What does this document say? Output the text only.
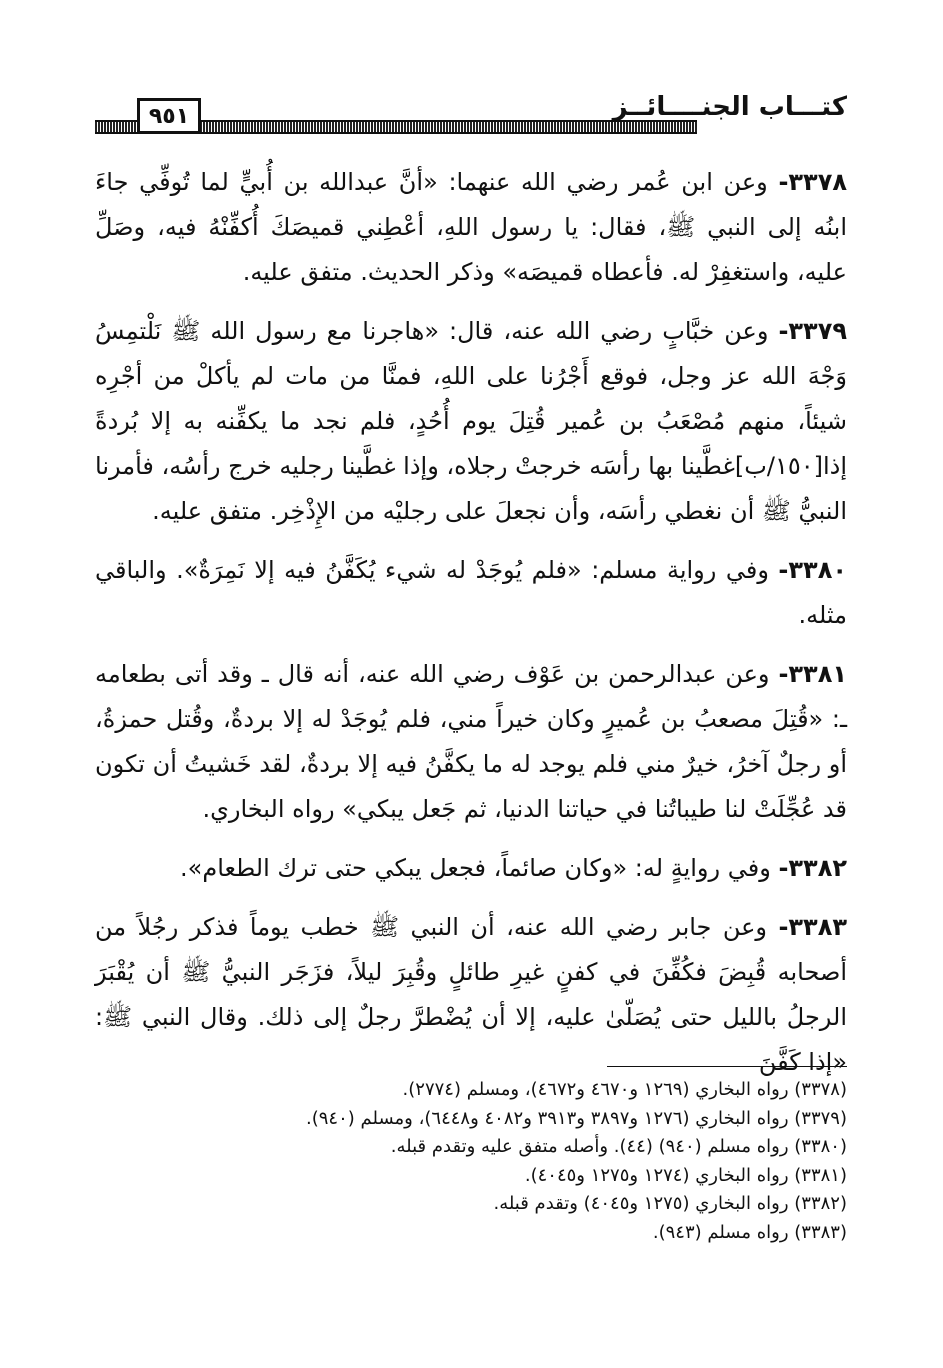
٩٥١	كتـــاب الجنــــائــز

٣٣٧٨- وعن ابن عُمر رضي الله عنهما: «أنَّ عبدالله بن أُبيٍّ لما تُوفِّي جاءَ ابنُه إلى النبي ﷺ، فقال: يا رسول اللهِ، أعْطِني قميصَكَ أُكفِّنْهُ فيه، وصَلِّ عليه، واستغفِرْ له. فأعطاه قميصَه» وذكر الحديث. متفق عليه.

٣٣٧٩- وعن خبَّابٍ رضي الله عنه، قال: «هاجرنا مع رسول الله ﷺ نَلْتمِسُ وَجْهَ الله عز وجل، فوقع أَجْرُنا على اللهِ، فمنَّا من مات لم يأكلْ من أجْرِه شيئاً، منهم مُصْعَبُ بن عُمير قُتِلَ يوم أُحُدٍ، فلم نجد ما يكفِّنه به إلا بُردةً إذا[١٥٠/ب]غطَّينا بها رأسَه خرجتْ رجلاه، وإذا غطَّينا رجليه خرج رأسُه، فأمرنا النبيُّ ﷺ أن نغطي رأسَه، وأن نجعلَ على رجليْه من الإِذْخِر. متفق عليه.

٣٣٨٠- وفي رواية مسلم: «فلم يُوجَدْ له شيء يُكَفَّنُ فيه إلا نَمِرَةٌ». والباقي مثله.

٣٣٨١- وعن عبدالرحمن بن عَوْف رضي الله عنه، أنه قال ـ وقد أتى بطعامه ـ: «قُتِلَ مصعبُ بن عُميرٍ وكان خيراً مني، فلم يُوجَدْ له إلا بردةٌ، وقُتل حمزةُ، أو رجلٌ آخرُ، خيرٌ مني فلم يوجد له ما يكفَّنُ فيه إلا بردةٌ، لقد خَشيتُ أن تكون قد عُجِّلَتْ لنا طيباتُنا في حياتنا الدنيا، ثم جَعل يبكي» رواه البخاري.

٣٣٨٢- وفي روايةٍ له: «وكان صائماً، فجعل يبكي حتى ترك الطعام».

٣٣٨٣- وعن جابر رضي الله عنه، أن النبي ﷺ خطب يوماً فذكر رجُلاً من أصحابه قُبِضَ فكُفِّنَ في كفنٍ غيرِ طائلٍ وقُبِرَ ليلاً، فزَجَر النبيُّ ﷺ أن يُقْبَرَ الرجلُ بالليل حتى يُصَلّىٰ عليه، إلا أن يُضْطرَّ رجلٌ إلى ذلك. وقال النبي ﷺ: «إذا كَفَّنَ

(٣٣٧٨) رواه البخاري (١٢٦٩ و٤٦٧٠ و٤٦٧٢)، ومسلم (٢٧٧٤).
(٣٣٧٩) رواه البخاري (١٢٧٦ و٣٨٩٧ و٣٩١٣ و٤٠٨٢ و٦٤٤٨)، ومسلم (٩٤٠).
(٣٣٨٠) رواه مسلم (٩٤٠) (٤٤). وأصله متفق عليه وتقدم قبله.
(٣٣٨١) رواه البخاري (١٢٧٤ و١٢٧٥ و٤٠٤٥).
(٣٣٨٢) رواه البخاري (١٢٧٥ و٤٠٤٥) وتقدم قبله.
(٣٣٨٣) رواه مسلم (٩٤٣).
